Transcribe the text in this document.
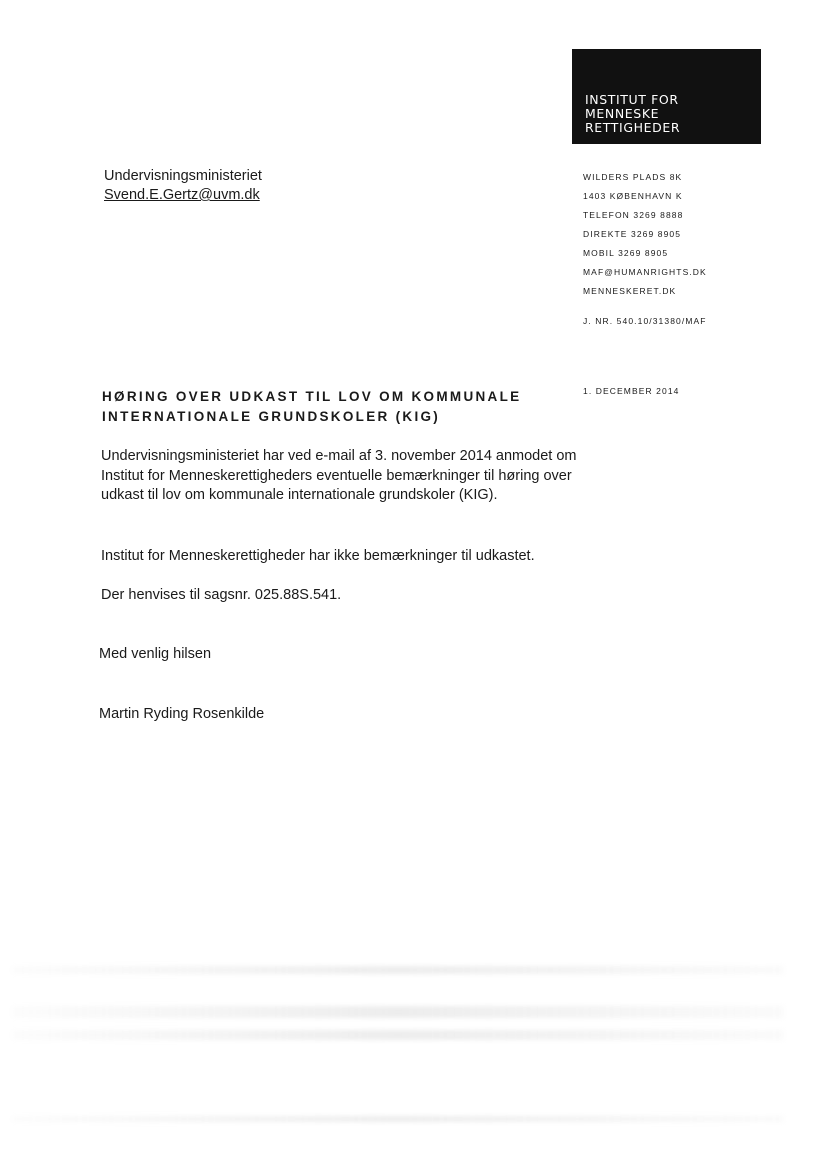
INSTITUT FOR
MENNESKE
RETTIGHEDER
Undervisningsministeriet
Svend.E.Gertz@uvm.dk
WILDERS PLADS 8K
1403 KØBENHAVN K
TELEFON 3269 8888
DIREKTE 3269 8905
MOBIL 3269 8905
MAF@HUMANRIGHTS.DK
MENNESKERET.DK
J. NR. 540.10/31380/MAF
1. DECEMBER 2014
HØRING OVER UDKAST TIL LOV OM KOMMUNALE
INTERNATIONALE GRUNDSKOLER (KIG)
Undervisningsministeriet har ved e-mail af 3. november 2014 anmodet om Institut for Menneskerettigheders eventuelle bemærkninger til høring over udkast til lov om kommunale internationale grundskoler (KIG).
Institut for Menneskerettigheder har ikke bemærkninger til udkastet.
Der henvises til sagsnr. 025.88S.541.
Med venlig hilsen
Martin Ryding Rosenkilde
